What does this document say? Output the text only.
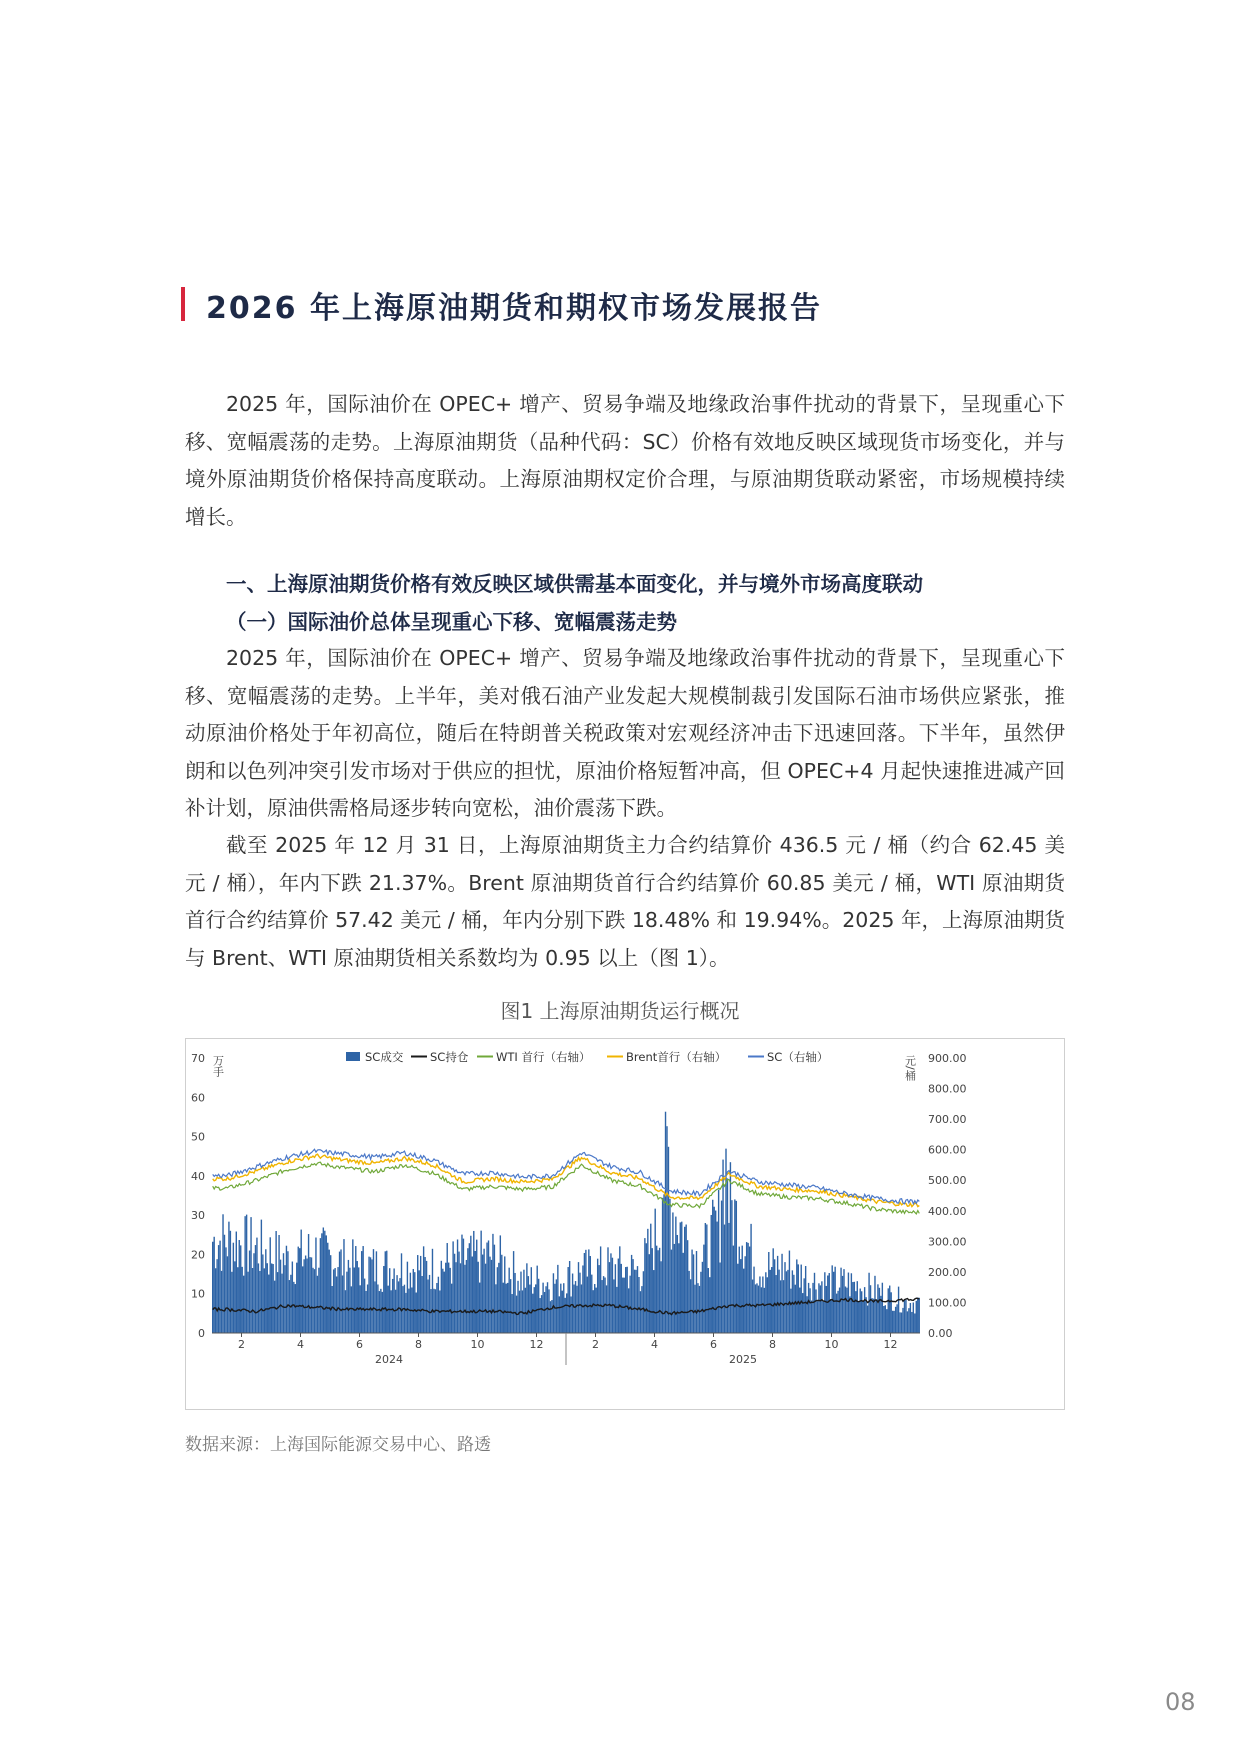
2026 年上海原油期货和期权市场发展报告

2025 年，国际油价在 OPEC+ 增产、贸易争端及地缘政治事件扰动的背景下，呈现重心下移、宽幅震荡的走势。上海原油期货（品种代码：SC）价格有效地反映区域现货市场变化，并与境外原油期货价格保持高度联动。上海原油期权定价合理，与原油期货联动紧密，市场规模持续增长。

一、上海原油期货价格有效反映区域供需基本面变化，并与境外市场高度联动
（一）国际油价总体呈现重心下移、宽幅震荡走势

2025 年，国际油价在 OPEC+ 增产、贸易争端及地缘政治事件扰动的背景下，呈现重心下移、宽幅震荡的走势。上半年，美对俄石油产业发起大规模制裁引发国际石油市场供应紧张，推动原油价格处于年初高位，随后在特朗普关税政策对宏观经济冲击下迅速回落。下半年，虽然伊朗和以色列冲突引发市场对于供应的担忧，原油价格短暂冲高，但 OPEC+4 月起快速推进减产回补计划，原油供需格局逐步转向宽松，油价震荡下跌。

截至 2025 年 12 月 31 日，上海原油期货主力合约结算价 436.5 元 / 桶（约合 62.45 美元 / 桶），年内下跌 21.37%。Brent 原油期货首行合约结算价 60.85 美元 / 桶，WTI 原油期货首行合约结算价 57.42 美元 / 桶，年内分别下跌 18.48% 和 19.94%。2025 年，上海原油期货与 Brent、WTI 原油期货相关系数均为 0.95 以上（图 1）。

图1 上海原油期货运行概况
0
10
20
30
40
50
60
70
0.00
100.00
200.00
300.00
400.00
500.00
600.00
700.00
800.00
900.00
2	4	6	8	10	12	2	4	6	8	10	12
2024	2025
万手	元/桶
SC成交 SC持仓 WTI 首行（右轴）	Brent首行（右轴）	SC（右轴）
数据来源：上海国际能源交易中心、路透
08
